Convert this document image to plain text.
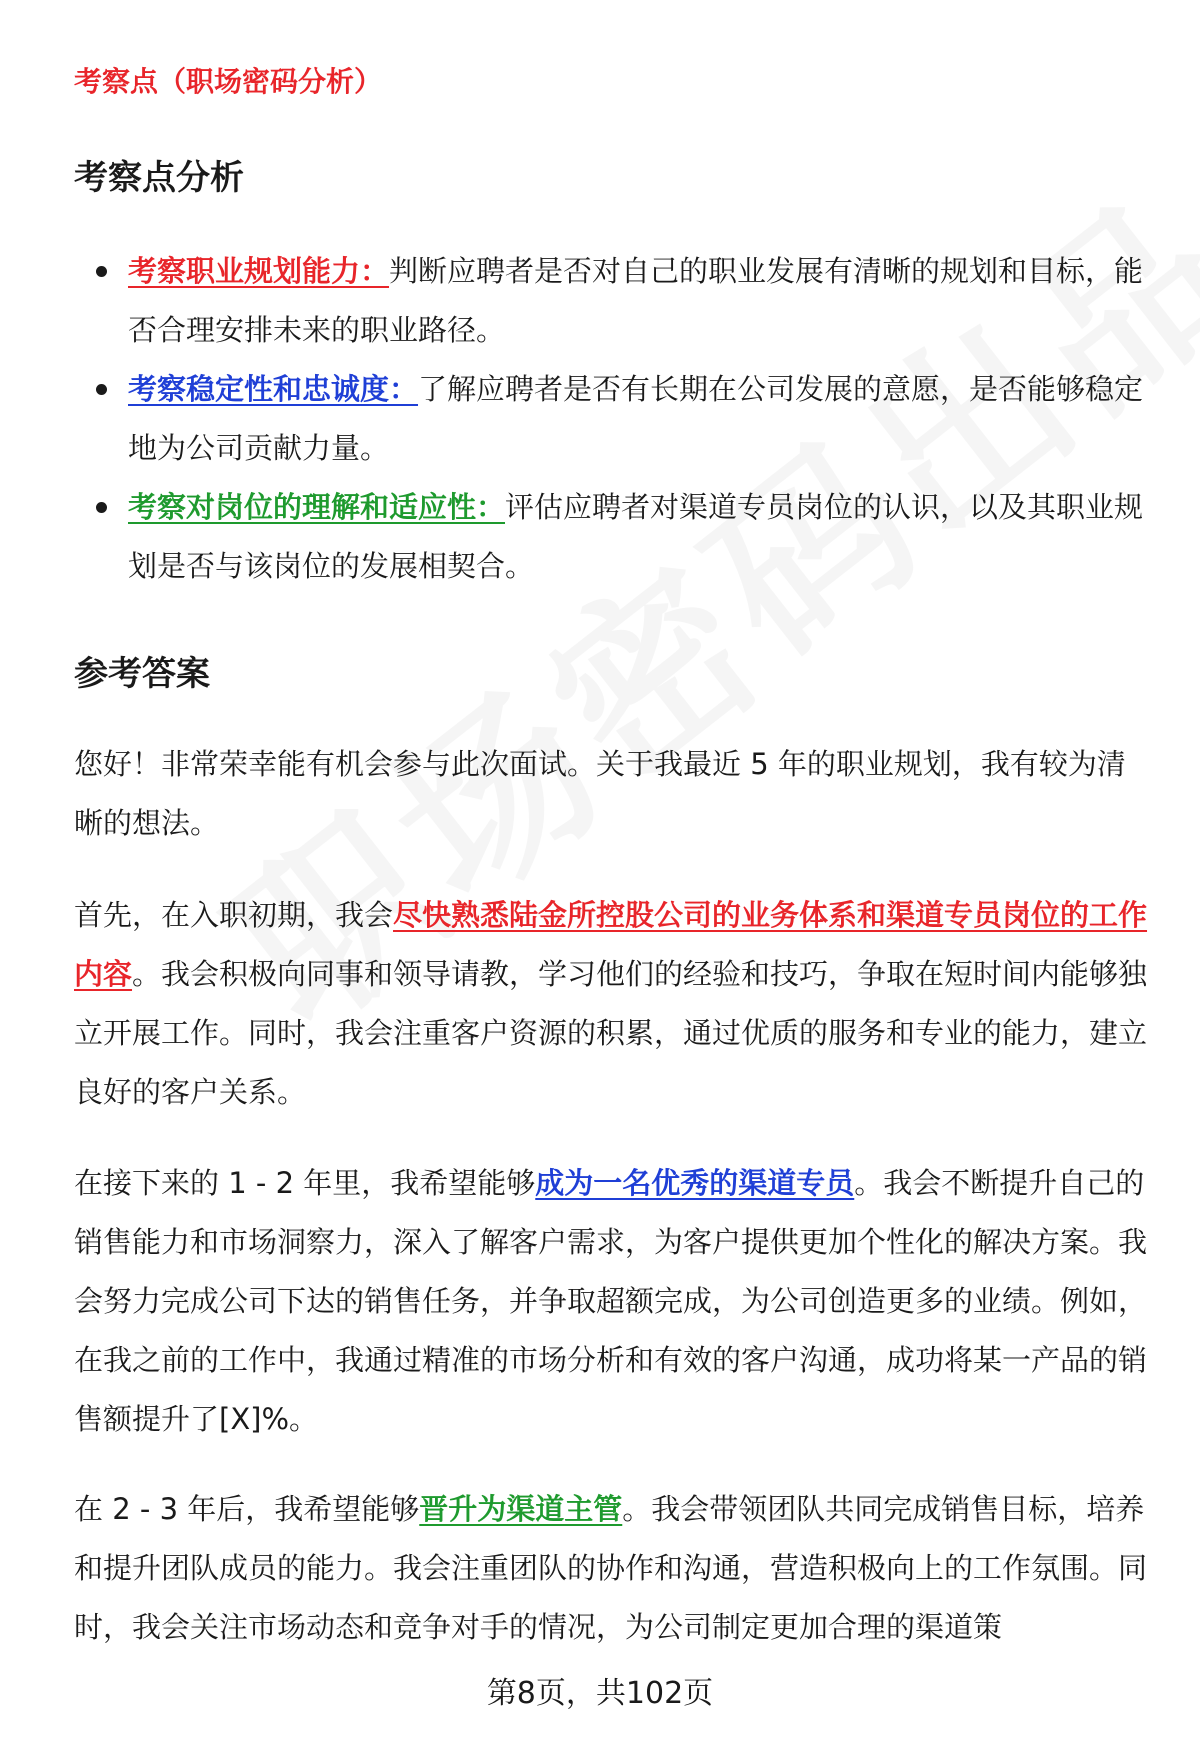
考察点（职场密码分析）
考察点分析
考察职业规划能力：判断应聘者是否对自己的职业发展有清晰的规划和目标，能否合理安排未来的职业路径。
考察稳定性和忠诚度：了解应聘者是否有长期在公司发展的意愿，是否能够稳定地为公司贡献力量。
考察对岗位的理解和适应性：评估应聘者对渠道专员岗位的认识，以及其职业规划是否与该岗位的发展相契合。
参考答案

您好！非常荣幸能有机会参与此次面试。关于我最近 5 年的职业规划，我有较为清晰的想法。

首先，在入职初期，我会尽快熟悉陆金所控股公司的业务体系和渠道专员岗位的工作内容。我会积极向同事和领导请教，学习他们的经验和技巧，争取在短时间内能够独立开展工作。同时，我会注重客户资源的积累，通过优质的服务和专业的能力，建立良好的客户关系。

在接下来的 1 - 2 年里，我希望能够成为一名优秀的渠道专员。我会不断提升自己的销售能力和市场洞察力，深入了解客户需求，为客户提供更加个性化的解决方案。我会努力完成公司下达的销售任务，并争取超额完成，为公司创造更多的业绩。例如，在我之前的工作中，我通过精准的市场分析和有效的客户沟通，成功将某一产品的销售额提升了[X]%。

在 2 - 3 年后，我希望能够晋升为渠道主管。我会带领团队共同完成销售目标，培养和提升团队成员的能力。我会注重团队的协作和沟通，营造积极向上的工作氛围。同时，我会关注市场动态和竞争对手的情况，为公司制定更加合理的渠道策

第8页，共102页
